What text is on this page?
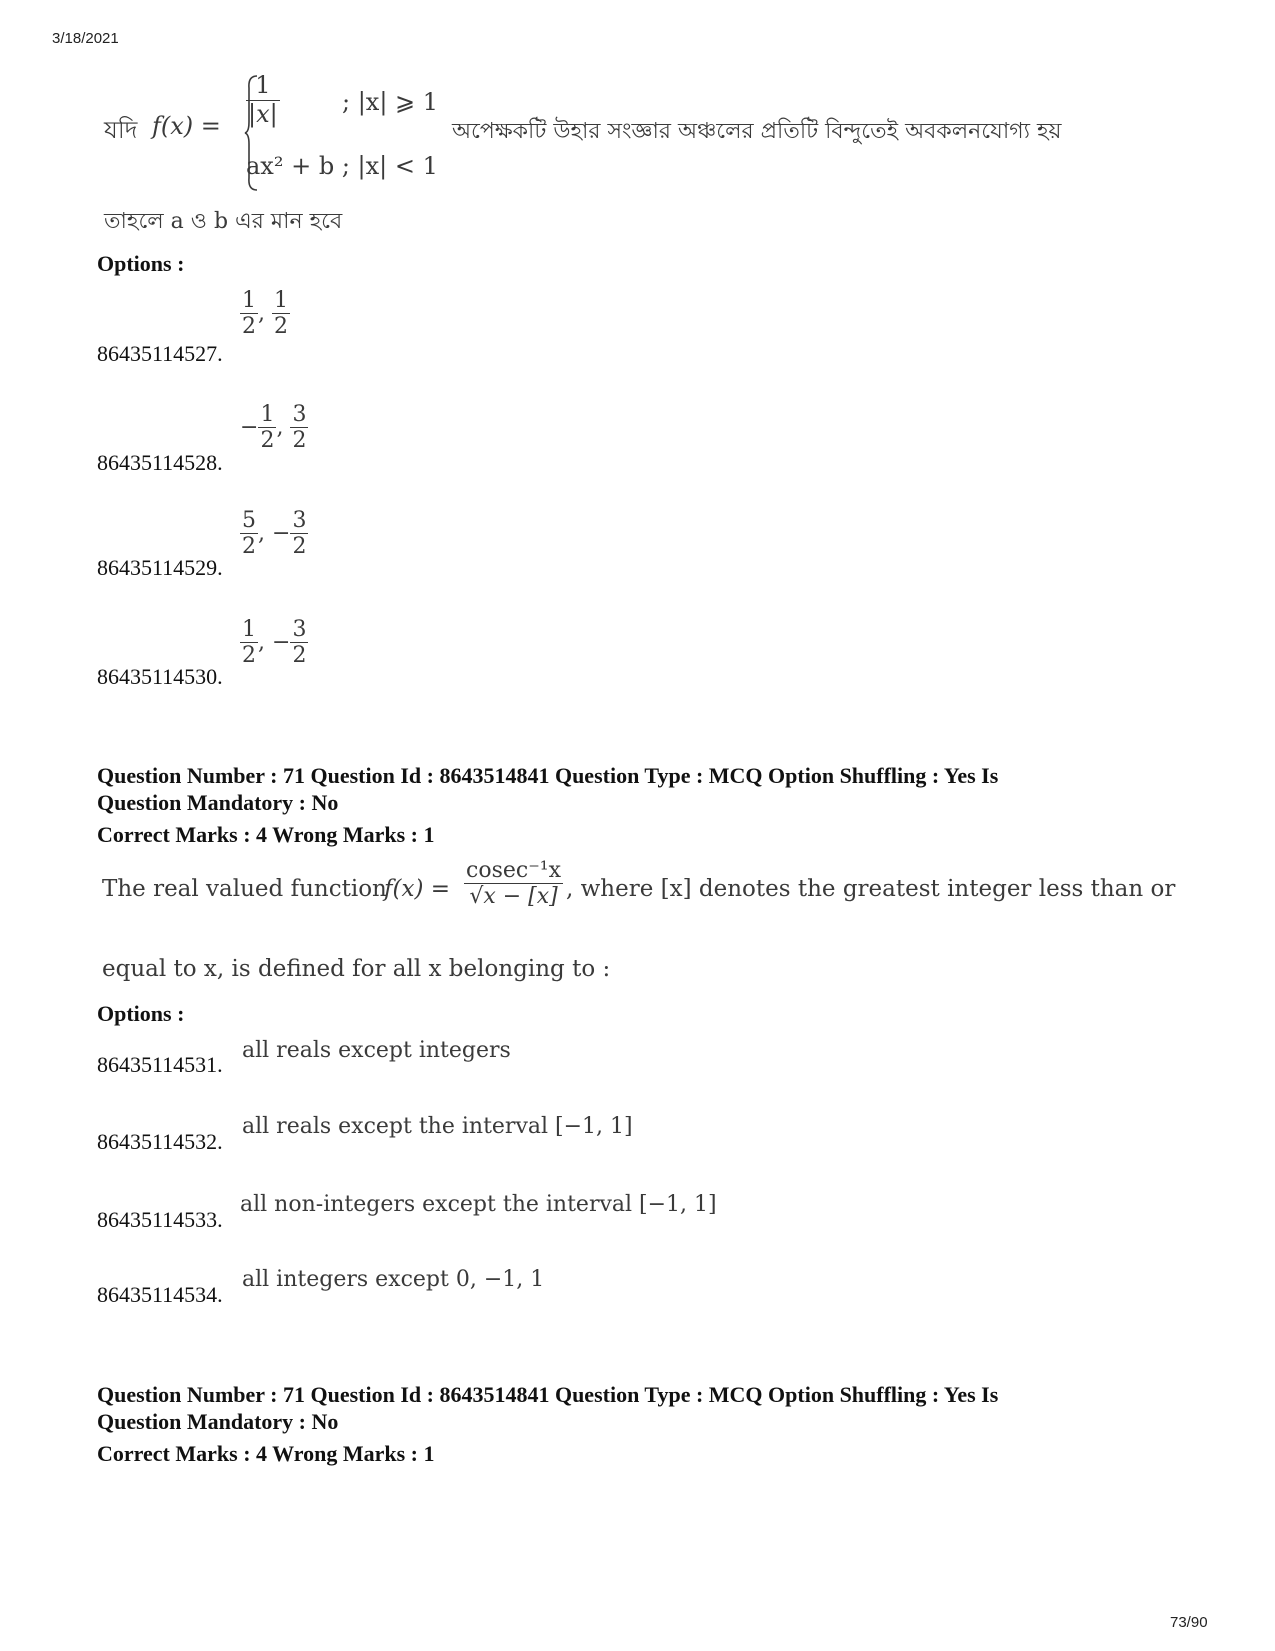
3/18/2021
যদি $f(x) = \frac{1}{|x|}$	; |x| ⩾ 1
ax² + b ; |x| < 1
অপেক্ষকটি উহার সংজ্ঞার অঞ্চলের প্রতিটি বিন্দুতেই অবকলনযোগ্য হয়
তাহলে a ও b এর মান হবে
Options :
86435114527.
$\frac{1}{2}$ , $\frac{1}{2}$
86435114528.
− $\frac{1}{2}$ , $\frac{3}{2}$
86435114529.
$\frac{5}{2}$ , − $\frac{3}{2}$
86435114530.
$\frac{1}{2}$ , − $\frac{3}{2}$
Question Number : 71 Question Id : 8643514841 Question Type : MCQ Option Shuffling : Yes Is
Question Mandatory : No
Correct Marks : 4 Wrong Marks : 1
The real valued function
$f(x) = \frac{\text{cosec⁻¹x}}{√x - [x]}$ , where [x] denotes the greatest integer less than or
equal to x, is defined for all x belonging to :
Options :
86435114531.
all reals except integers
86435114532.
all reals except the interval [−1, 1]
86435114533.
all non-integers except the interval [−1, 1]
86435114534.
all integers except 0, −1, 1
Question Number : 71 Question Id : 8643514841 Question Type : MCQ Option Shuffling : Yes Is
Question Mandatory : No
Correct Marks : 4 Wrong Marks : 1
73/90
